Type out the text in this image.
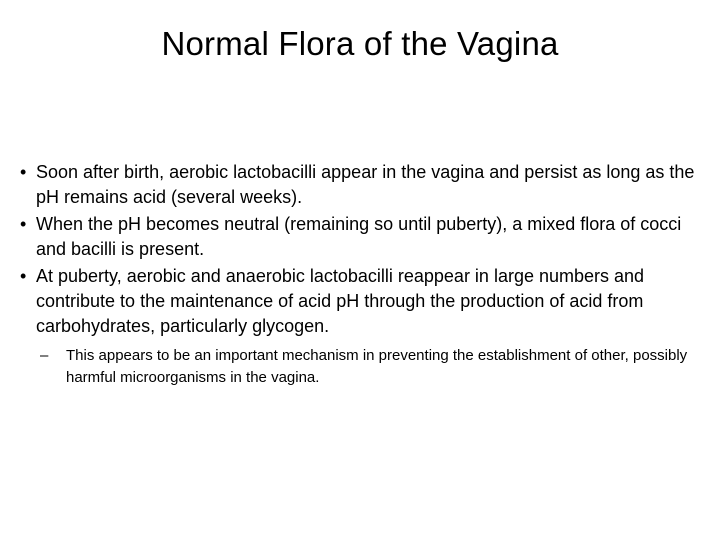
Normal Flora of the Vagina
• Soon after birth, aerobic lactobacilli appear in the vagina and persist as long as the pH remains acid (several weeks).
• When the pH becomes neutral (remaining so until puberty), a mixed flora of cocci and bacilli is present.
• At puberty, aerobic and anaerobic lactobacilli reappear in large numbers and contribute to the maintenance of acid pH through the production of acid from carbohydrates, particularly glycogen.
–	This appears to be an important mechanism in preventing the establishment of other, possibly harmful microorganisms in the vagina.
